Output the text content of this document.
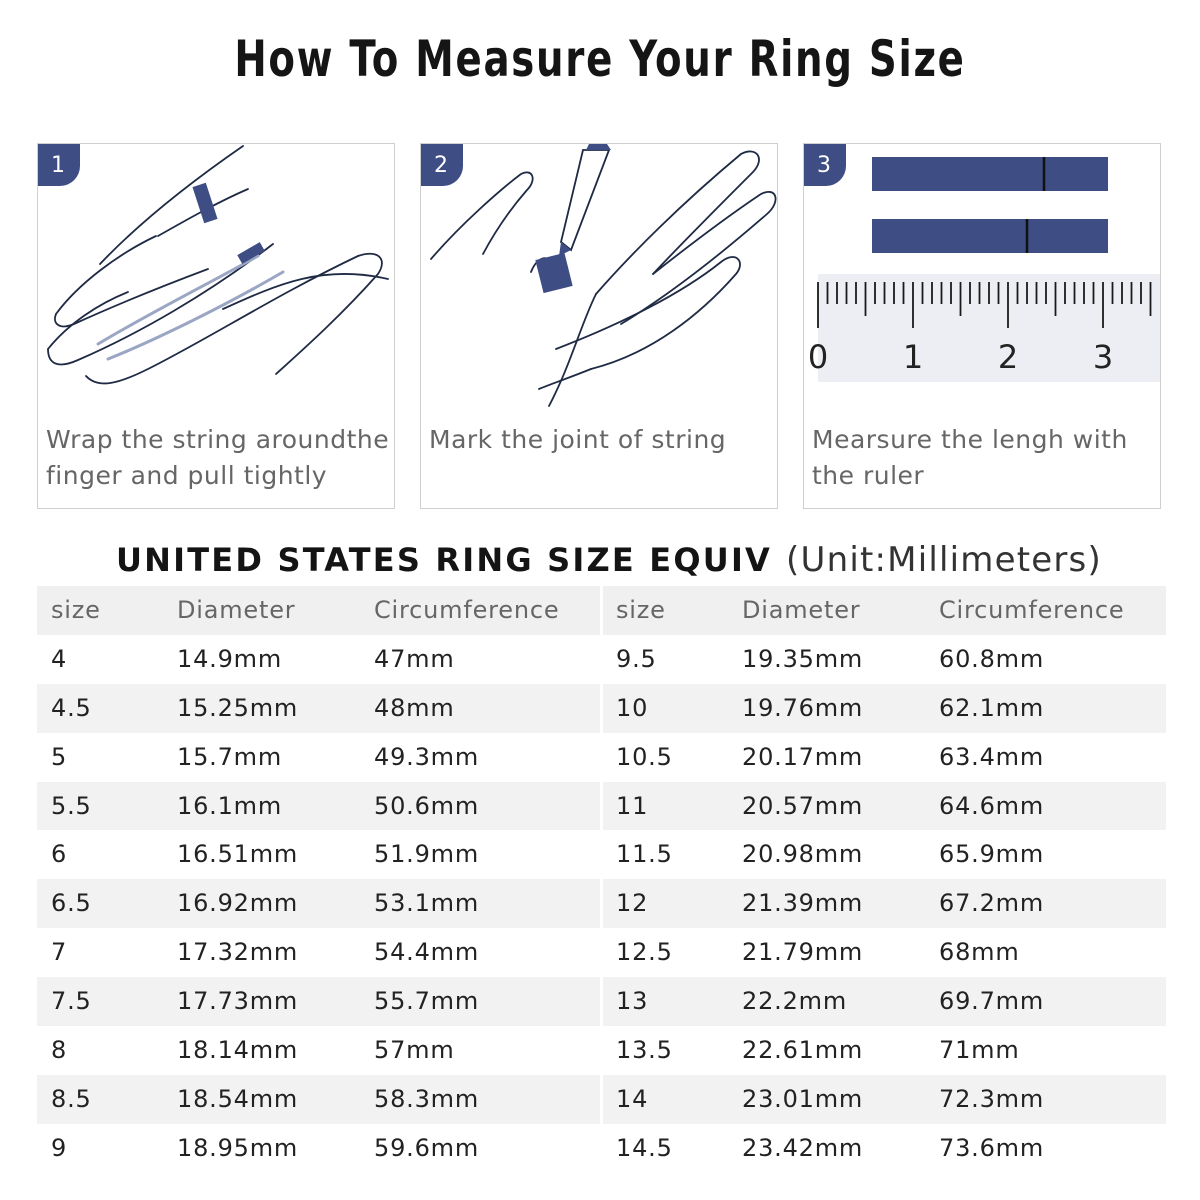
How To Measure Your Ring Size
1
Wrap the string aroundthe finger and pull tightly
2
Mark the joint of string
0 1 2 3
3
Mearsure the lengh with the ruler
UNITED STATES RING SIZE EQUIV (Unit:Millimeters)
size	Diameter	Circumference
4	14.9mm	47mm
4.5	15.25mm	48mm
5	15.7mm	49.3mm
5.5	16.1mm	50.6mm
6	16.51mm	51.9mm
6.5	16.92mm	53.1mm
7	17.32mm	54.4mm
7.5	17.73mm	55.7mm
8	18.14mm	57mm
8.5	18.54mm	58.3mm
9	18.95mm	59.6mm
size	Diameter	Circumference
9.5	19.35mm	60.8mm
10	19.76mm	62.1mm
10.5	20.17mm	63.4mm
11	20.57mm	64.6mm
11.5	20.98mm	65.9mm
12	21.39mm	67.2mm
12.5	21.79mm	68mm
13	22.2mm	69.7mm
13.5	22.61mm	71mm
14	23.01mm	72.3mm
14.5	23.42mm	73.6mm
